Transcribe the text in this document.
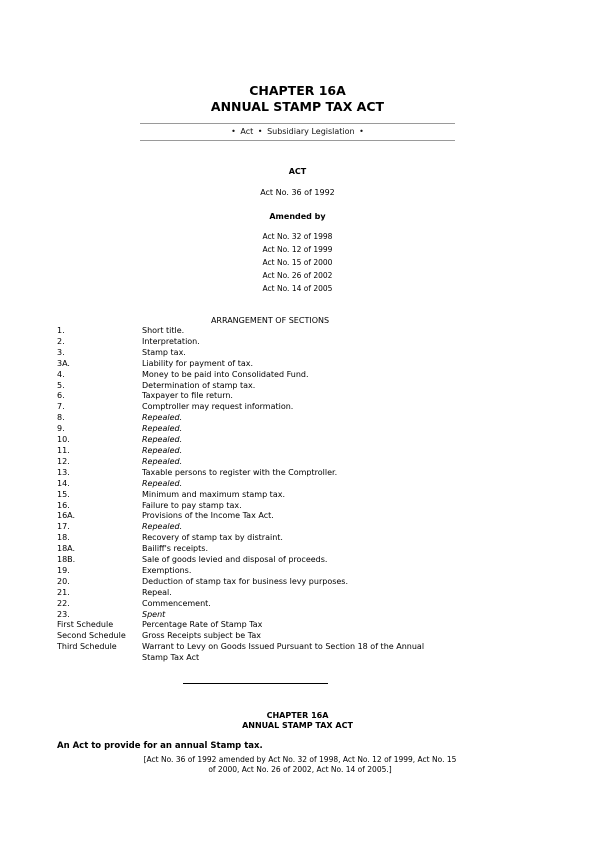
CHAPTER 16A
ANNUAL STAMP TAX ACT
• Act • Subsidiary Legislation •
ACT
Act No. 36 of 1992
Amended by
Act No. 32 of 1998
Act No. 12 of 1999
Act No. 15 of 2000
Act No. 26 of 2002
Act No. 14 of 2005
ARRANGEMENT OF SECTIONS
1.	Short title.
2.	Interpretation.
3.	Stamp tax.
3A.	Liability for payment of tax.
4.	Money to be paid into Consolidated Fund.
5.	Determination of stamp tax.
6.	Taxpayer to file return.
7.	Comptroller may request information.
8.	Repealed.
9.	Repealed.
10.	Repealed.
11.	Repealed.
12.	Repealed.
13.	Taxable persons to register with the Comptroller.
14.	Repealed.
15.	Minimum and maximum stamp tax.
16.	Failure to pay stamp tax.
16A.	Provisions of the Income Tax Act.
17.	Repealed.
18.	Recovery of stamp tax by distraint.
18A.	Bailiff's receipts.
18B.	Sale of goods levied and disposal of proceeds.
19.	Exemptions.
20.	Deduction of stamp tax for business levy purposes.
21.	Repeal.
22.	Commencement.
23.	Spent
First Schedule	Percentage Rate of Stamp Tax
Second Schedule	Gross Receipts subject be Tax
Third Schedule	Warrant to Levy on Goods Issued Pursuant to Section 18 of the Annual Stamp Tax Act
CHAPTER 16A
ANNUAL STAMP TAX ACT
An Act to provide for an annual Stamp tax.
[Act No. 36 of 1992 amended by Act No. 32 of 1998, Act No. 12 of 1999, Act No. 15 of 2000, Act No. 26 of 2002, Act No. 14 of 2005.]
